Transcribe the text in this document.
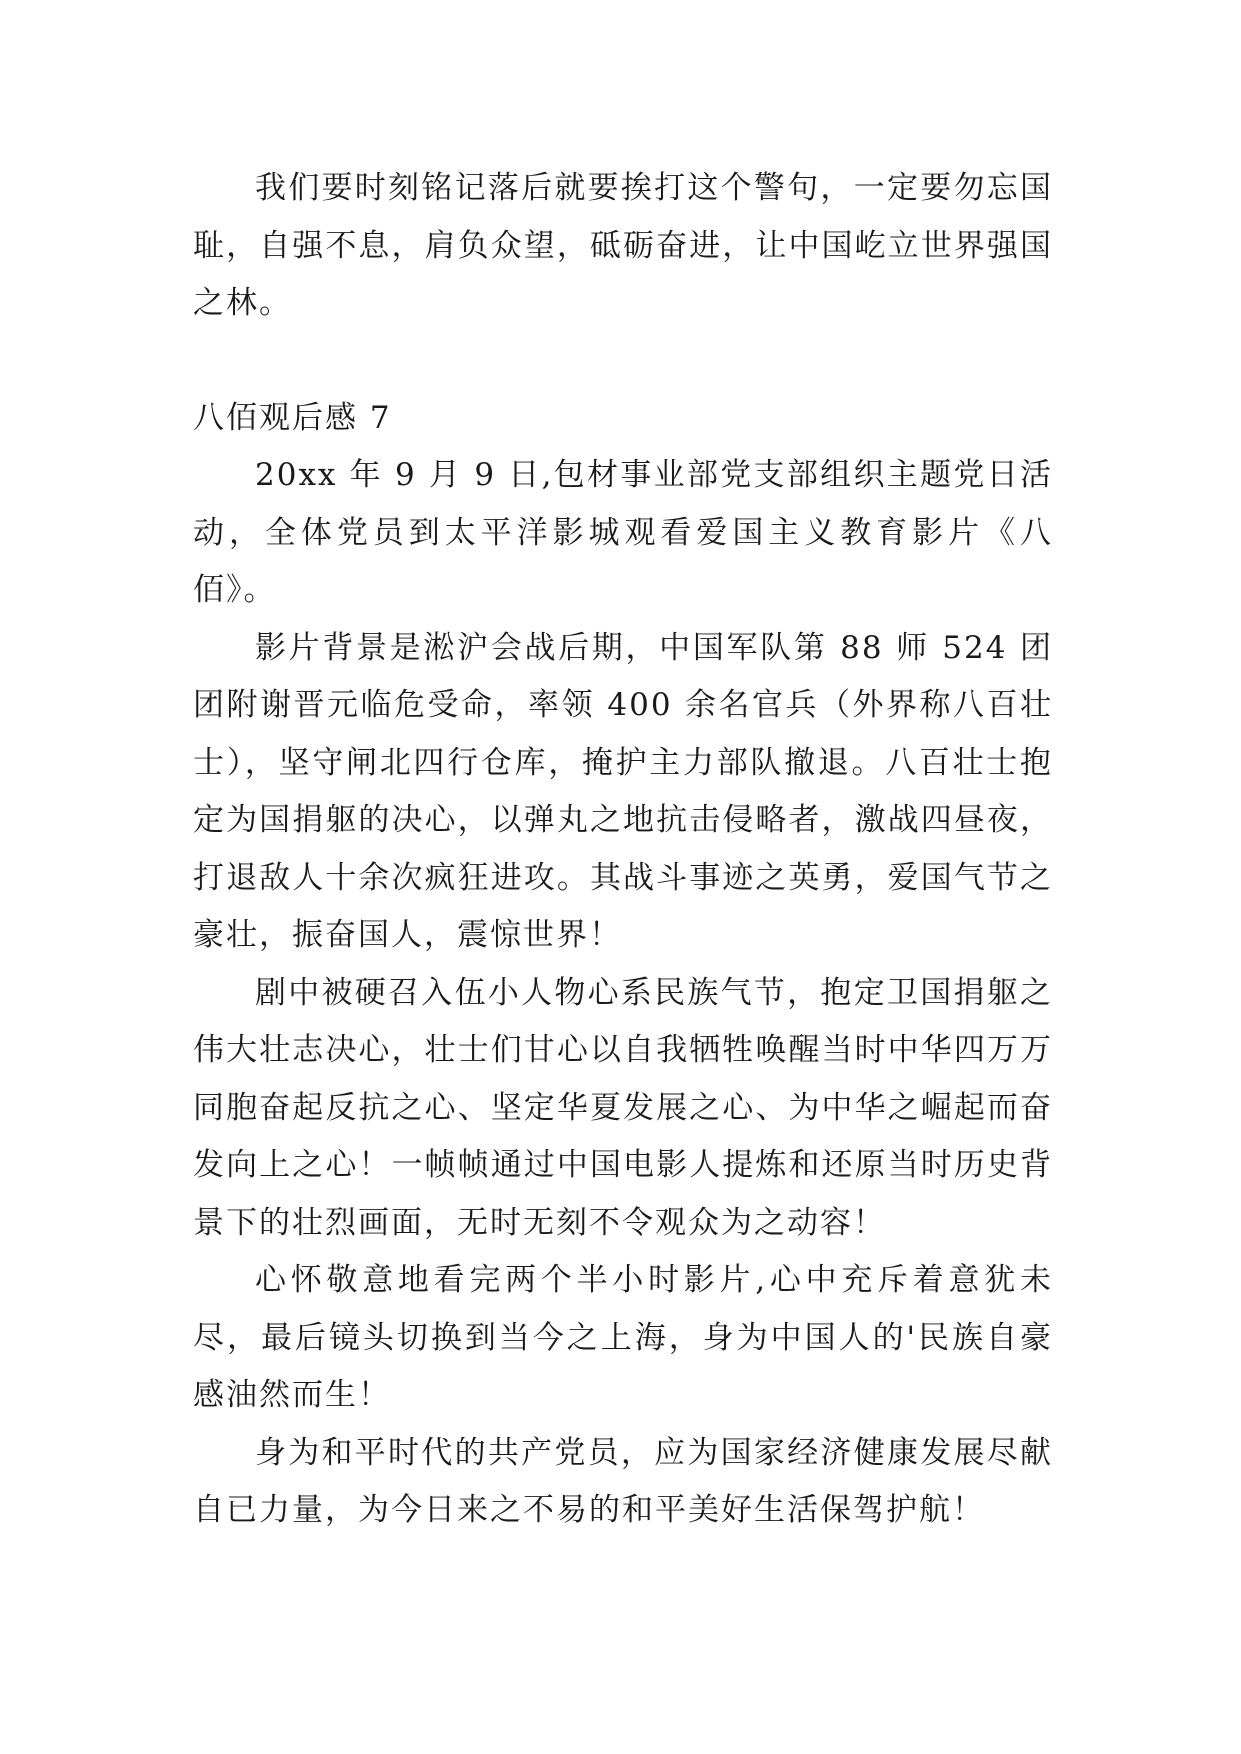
我们要时刻铭记落后就要挨打这个警句，一定要勿忘国耻，自强不息，肩负众望，砥砺奋进，让中国屹立世界强国之林。

八佰观后感 7

20xx 年 9 月 9 日,包材事业部党支部组织主题党日活动，全体党员到太平洋影城观看爱国主义教育影片《八佰》。

影片背景是淞沪会战后期，中国军队第 88 师 524 团团附谢晋元临危受命，率领 400 余名官兵（外界称八百壮士），坚守闸北四行仓库，掩护主力部队撤退。八百壮士抱定为国捐躯的决心，以弹丸之地抗击侵略者，激战四昼夜，打退敌人十余次疯狂进攻。其战斗事迹之英勇，爱国气节之豪壮，振奋国人，震惊世界！

剧中被硬召入伍小人物心系民族气节，抱定卫国捐躯之伟大壮志决心，壮士们甘心以自我牺牲唤醒当时中华四万万同胞奋起反抗之心、坚定华夏发展之心、为中华之崛起而奋发向上之心！一帧帧通过中国电影人提炼和还原当时历史背景下的壮烈画面，无时无刻不令观众为之动容！

心怀敬意地看完两个半小时影片,心中充斥着意犹未尽，最后镜头切换到当今之上海，身为中国人的'民族自豪感油然而生！

身为和平时代的共产党员，应为国家经济健康发展尽献自已力量，为今日来之不易的和平美好生活保驾护航！
